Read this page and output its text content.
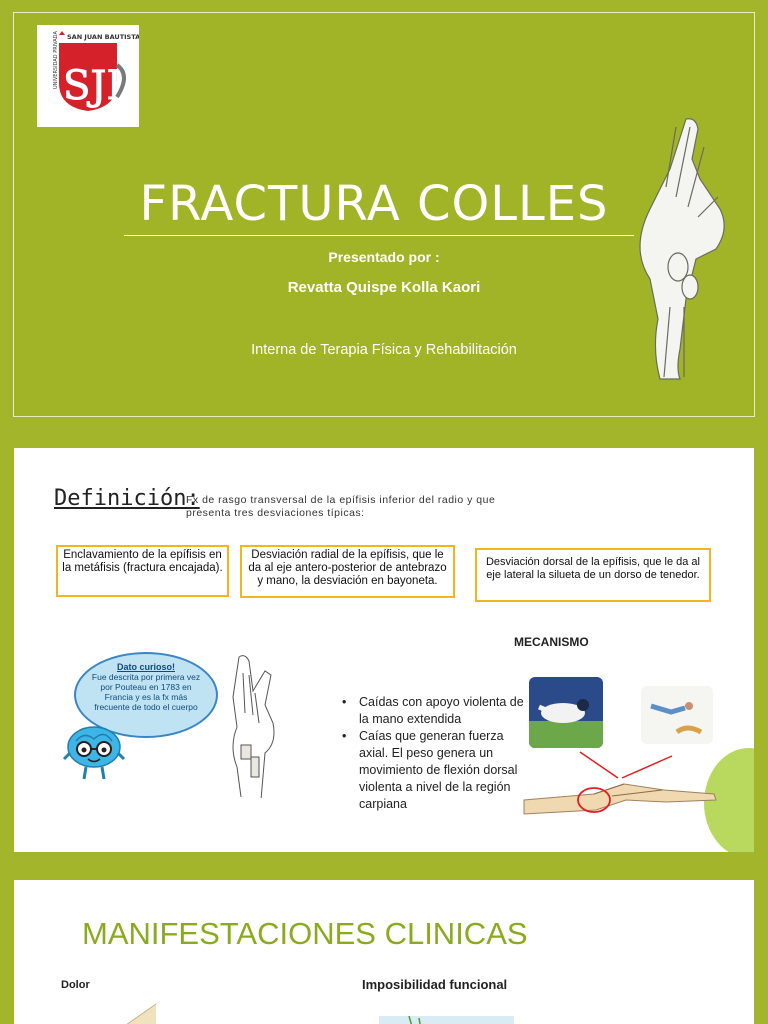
UNIVERSIDAD PRIVADA SAN JUAN BAUTISTA
SJB
FRACTURA COLLES
Presentado por :
Revatta Quispe Kolla Kaori
Interna de Terapia Física y Rehabilitación
Definición:
Fx de rasgo transversal de la epífisis inferior del radio y que presenta tres desviaciones típicas:
Enclavamiento de la epífisis en la metáfisis (fractura encajada).
Desviación radial de la epífisis, que le da al eje antero-posterior de antebrazo y mano, la desviación en bayoneta.
Desviación dorsal de la epífisis, que le da al eje lateral la silueta de un dorso de tenedor.
MECANISMO
Dato curioso!
Fue descrita por primera vez por Pouteau en 1783 en Francia y es la fx más frecuente de todo el cuerpo
•	Caídas con apoyo violenta de la mano extendida
• Caías que generan fuerza axial. El peso genera un movimiento de flexión dorsal violenta a nivel de la región carpiana
MANIFESTACIONES CLINICAS
Dolor	Imposibilidad funcional
